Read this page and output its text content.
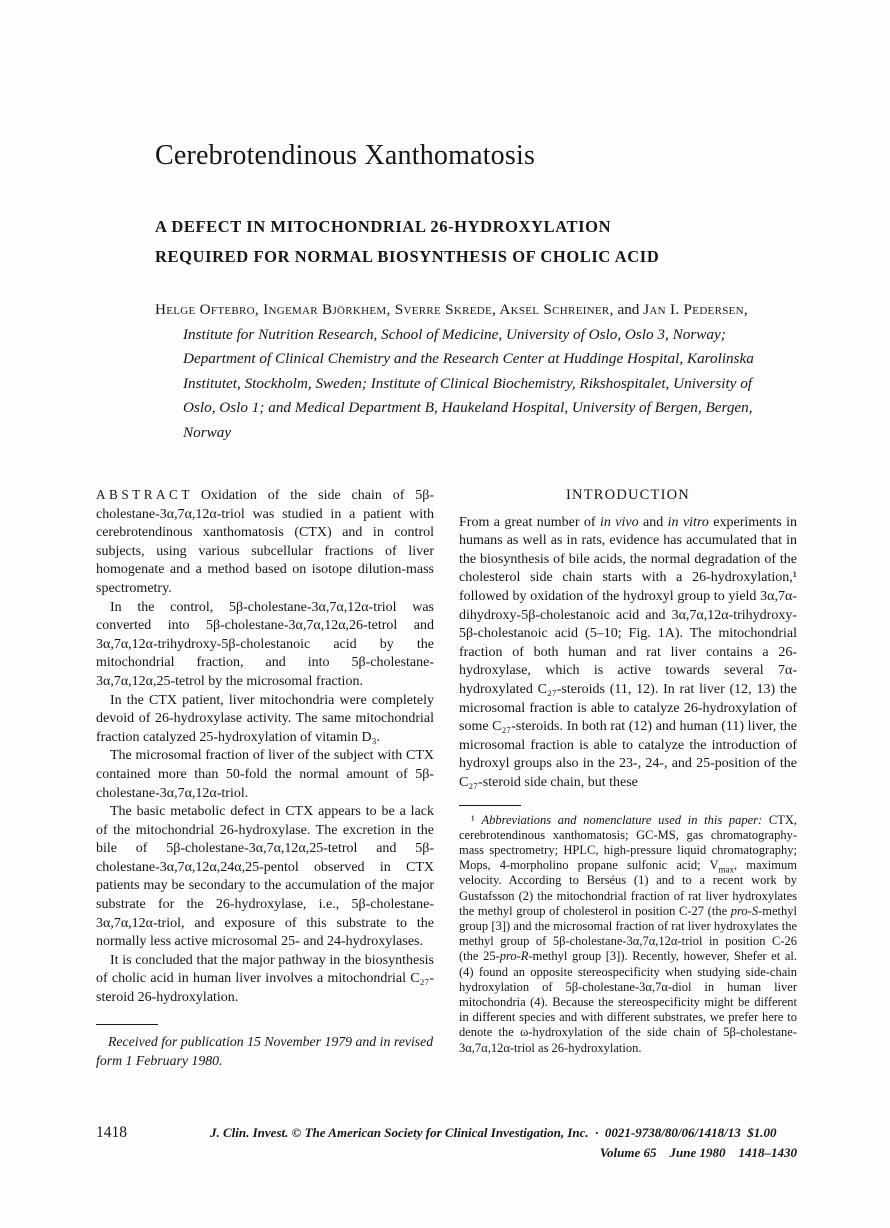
Cerebrotendinous Xanthomatosis
A DEFECT IN MITOCHONDRIAL 26-HYDROXYLATION
REQUIRED FOR NORMAL BIOSYNTHESIS OF CHOLIC ACID

Helge Oftebro, Ingemar Björkhem, Sverre Skrede, Aksel Schreiner, and Jan I. Pedersen, Institute for Nutrition Research, School of Medicine, University of Oslo, Oslo 3, Norway; Department of Clinical Chemistry and the Research Center at Huddinge Hospital, Karolinska Institutet, Stockholm, Sweden; Institute of Clinical Biochemistry, Rikshospitalet, University of Oslo, Oslo 1; and Medical Department B, Haukeland Hospital, University of Bergen, Bergen, Norway

ABSTRACT Oxidation of the side chain of 5β-cholestane-3α,7α,12α-triol was studied in a patient with cerebrotendinous xanthomatosis (CTX) and in control subjects, using various subcellular fractions of liver homogenate and a method based on isotope dilution-mass spectrometry.

In the control, 5β-cholestane-3α,7α,12α-triol was converted into 5β-cholestane-3α,7α,12α,26-tetrol and 3α,7α,12α-trihydroxy-5β-cholestanoic acid by the mitochondrial fraction, and into 5β-cholestane-3α,7α,12α,25-tetrol by the microsomal fraction.

In the CTX patient, liver mitochondria were completely devoid of 26-hydroxylase activity. The same mitochondrial fraction catalyzed 25-hydroxylation of vitamin D₃.

The microsomal fraction of liver of the subject with CTX contained more than 50-fold the normal amount of 5β-cholestane-3α,7α,12α-triol.

The basic metabolic defect in CTX appears to be a lack of the mitochondrial 26-hydroxylase. The excretion in the bile of 5β-cholestane-3α,7α,12α,25-tetrol and 5β-cholestane-3α,7α,12α,24α,25-pentol observed in CTX patients may be secondary to the accumulation of the major substrate for the 26-hydroxylase, i.e., 5β-cholestane-3α,7α,12α-triol, and exposure of this substrate to the normally less active microsomal 25- and 24-hydroxylases.

It is concluded that the major pathway in the biosynthesis of cholic acid in human liver involves a mitochondrial C₂₇-steroid 26-hydroxylation.

Received for publication 15 November 1979 and in revised form 1 February 1980.

INTRODUCTION

From a great number of in vivo and in vitro experiments in humans as well as in rats, evidence has accumulated that in the biosynthesis of bile acids, the normal degradation of the cholesterol side chain starts with a 26-hydroxylation,¹ followed by oxidation of the hydroxyl group to yield 3α,7α-dihydroxy-5β-cholestanoic acid and 3α,7α,12α-trihydroxy-5β-cholestanoic acid (5–10; Fig. 1A). The mitochondrial fraction of both human and rat liver contains a 26-hydroxylase, which is active towards several 7α-hydroxylated C₂₇-steroids (11, 12). In rat liver (12, 13) the microsomal fraction is able to catalyze 26-hydroxylation of some C₂₇-steroids. In both rat (12) and human (11) liver, the microsomal fraction is able to catalyze the introduction of hydroxyl groups also in the 23-, 24-, and 25-position of the C₂₇-steroid side chain, but these

¹ Abbreviations and nomenclature used in this paper: CTX, cerebrotendinous xanthomatosis; GC-MS, gas chromatography-mass spectrometry; HPLC, high-pressure liquid chromatography; Mops, 4-morpholino propane sulfonic acid; $V_{max}$, maximum velocity. According to Berséus (1) and to a recent work by Gustafsson (2) the mitochondrial fraction of rat liver hydroxylates the methyl group of cholesterol in position C-27 (the pro-S-methyl group [3]) and the microsomal fraction of rat liver hydroxylates the methyl group of 5β-cholestane-3α,7α,12α-triol in position C-26 (the 25-pro-R-methyl group [3]). Recently, however, Shefer et al. (4) found an opposite stereospecificity when studying side-chain hydroxylation of 5β-cholestane-3α,7α-diol in human liver mitochondria (4). Because the stereospecificity might be different in different species and with different substrates, we prefer here to denote the ω-hydroxylation of the side chain of 5β-cholestane-3α,7α,12α-triol as 26-hydroxylation.

1418	J. Clin. Invest. © The American Society for Clinical Investigation, Inc. · 0021-9738/80/06/1418/13 $1.00
Volume 65 June 1980 1418–1430
